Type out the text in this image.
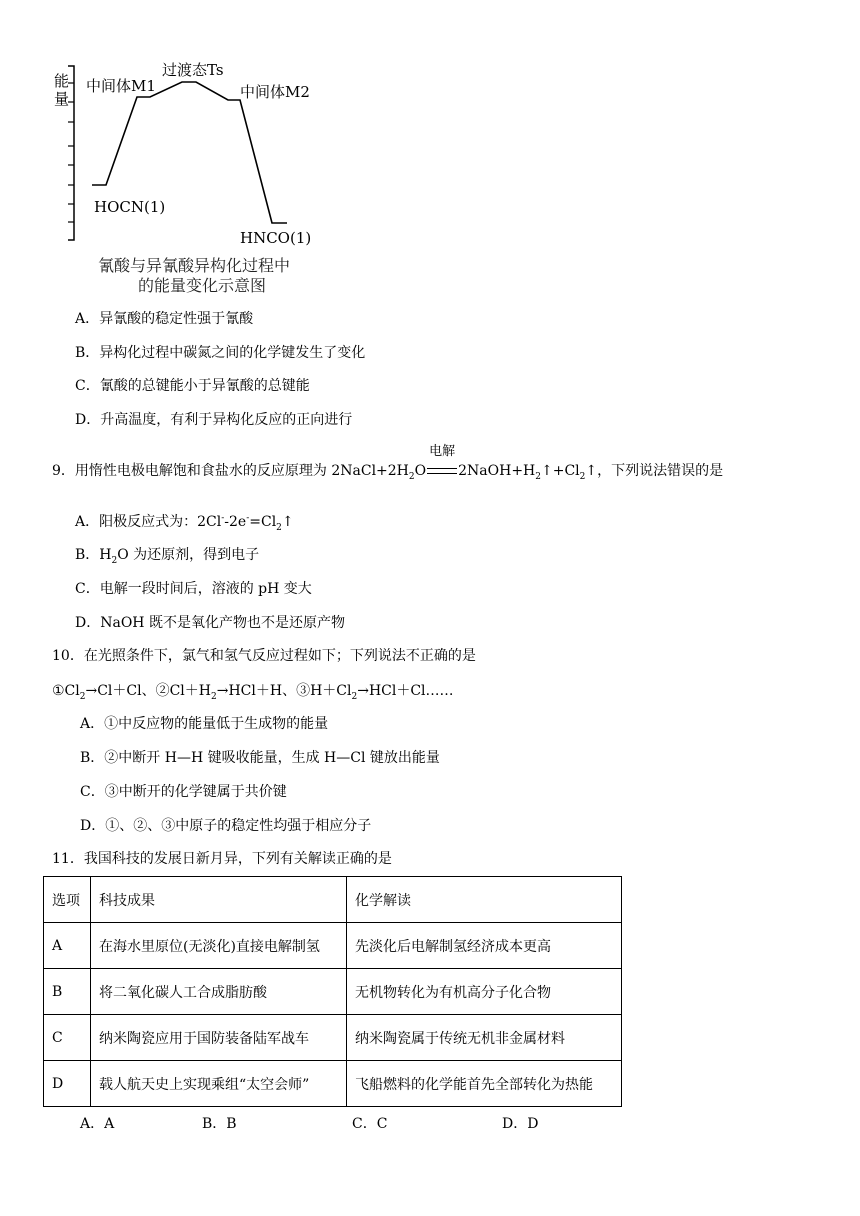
能
量
中间体M1
过渡态Ts
中间体M2
HOCN(1)
HNCO(1)
氰酸与异氰酸异构化过程中
的能量变化示意图
A．异氰酸的稳定性强于氰酸
B．异构化过程中碳氮之间的化学键发生了变化
C．氰酸的总键能小于异氰酸的总键能
D．升高温度，有利于异构化反应的正向进行
9．用惰性电极电解饱和食盐水的反应原理为 $2NaCl+2H_2O$
电解
$2NaOH+H_2↑+Cl_2↑$，下列说法错误的是
A．阳极反应式为：$2Cl^--2e^-=Cl_2↑$
B．$H_2O$ 为还原剂，得到电子
C．电解一段时间后，溶液的 pH 变大
D．NaOH 既不是氧化产物也不是还原产物
10．在光照条件下，氯气和氢气反应过程如下；下列说法不正确的是
$①Cl_2\to Cl+Cl$、$②Cl+H_2\to HCl+H$、$③H+Cl_2\to HCl+Cl\dots\dots$
A．①中反应物的能量低于生成物的能量
B．②中断开 H—H 键吸收能量，生成 H—Cl 键放出能量
C．③中断开的化学键属于共价键
D．①、②、③中原子的稳定性均强于相应分子
11．我国科技的发展日新月异，下列有关解读正确的是
选项	科技成果	化学解读
A	在海水里原位(无淡化)直接电解制氢	先淡化后电解制氢经济成本更高
B	将二氧化碳人工合成脂肪酸	无机物转化为有机高分子化合物
C	纳米陶瓷应用于国防装备陆军战车	纳米陶瓷属于传统无机非金属材料
D	载人航天史上实现乘组“太空会师”	飞船燃料的化学能首先全部转化为热能
A．A	B．B	C．C	D．D
